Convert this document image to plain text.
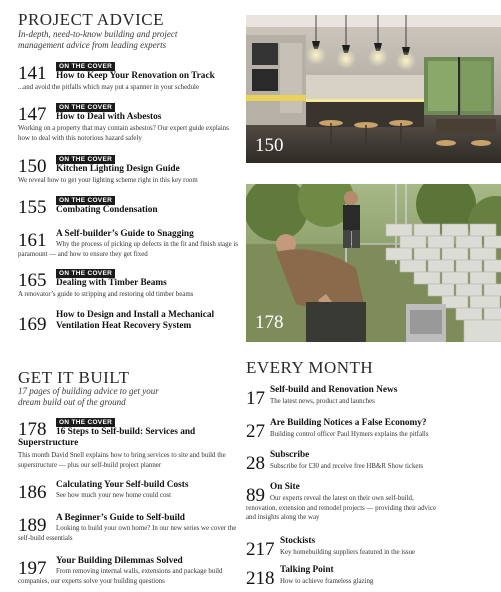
PROJECT ADVICE
In-depth, need-to-know building and project management advice from leading experts
141	ON THE COVER
How to Keep Your Renovation on Track
...and avoid the pitfalls which may put a spanner in your schedule
147	ON THE COVER
How to Deal with Asbestos
Working on a property that may contain asbestos? Our expert guide explains how to deal with this notorious hazard safely
150	ON THE COVER
Kitchen Lighting Design Guide
We reveal how to get your lighting scheme right in this key room
155	ON THE COVER
Combating Condensation
161 A Self-builder’s Guide to Snagging
Why the process of picking up defects in the fit and finish stage is paramount — and how to ensure they get fixed
165	ON THE COVER
Dealing with Timber Beams
A renovator’s guide to stripping and restoring old timber beams
169 How to Design and Install a Mechanical Ventilation Heat Recovery System
GET IT BUILT
17 pages of building advice to get your dream build out of the ground
178	ON THE COVER
16 Steps to Self-build: Services and Superstructure
This month David Snell explains how to bring services to site and build the superstructure — plus our self-build project planner
186 Calculating Your Self-build Costs
See how much your new home could cost
189 A Beginner’s Guide to Self-build
Looking to build your own home? In our new series we cover the self-build essentials
197 Your Building Dilemmas Solved
From removing internal walls, extensions and package build companies, our experts solve your building questions
150
178
EVERY MONTH
17 Self-build and Renovation News
The latest news, product and launches
27 Are Building Notices a False Economy?
Building control officer Paul Hymers explains the pitfalls
28 Subscribe
Subscribe for £30 and receive free HB&R Show tickets
89 On Site
Our experts reveal the latest on their own self-build, renovation, extension and remodel projects — providing their advice and insights along the way
217 Stockists
Key homebuilding suppliers featured in the issue
218 Talking Point
How to achieve frameless glazing
